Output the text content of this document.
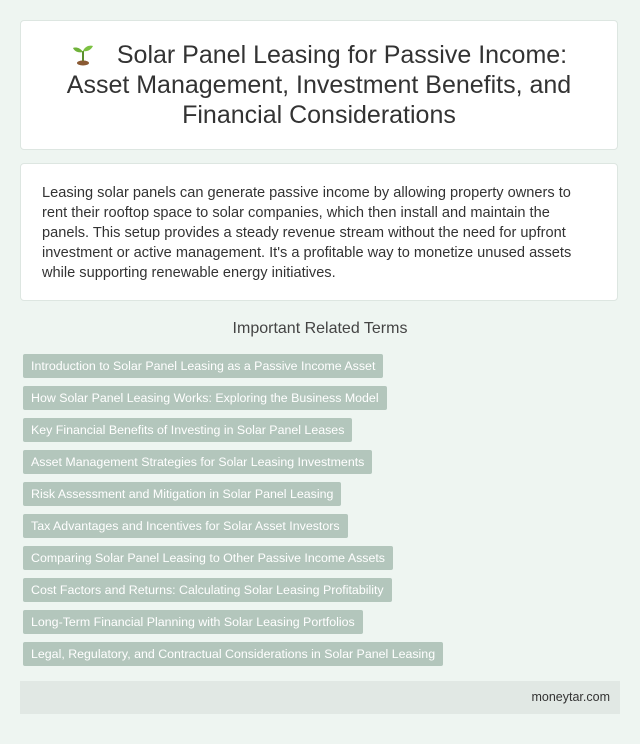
Solar Panel Leasing for Passive Income: Asset Management, Investment Benefits, and Financial Considerations

Leasing solar panels can generate passive income by allowing property owners to rent their rooftop space to solar companies, which then install and maintain the panels. This setup provides a steady revenue stream without the need for upfront investment or active management. It's a profitable way to monetize unused assets while supporting renewable energy initiatives.

Important Related Terms
Introduction to Solar Panel Leasing as a Passive Income Asset
How Solar Panel Leasing Works: Exploring the Business Model
Key Financial Benefits of Investing in Solar Panel Leases
Asset Management Strategies for Solar Leasing Investments
Risk Assessment and Mitigation in Solar Panel Leasing
Tax Advantages and Incentives for Solar Asset Investors
Comparing Solar Panel Leasing to Other Passive Income Assets
Cost Factors and Returns: Calculating Solar Leasing Profitability
Long-Term Financial Planning with Solar Leasing Portfolios
Legal, Regulatory, and Contractual Considerations in Solar Panel Leasing
moneytar.com
